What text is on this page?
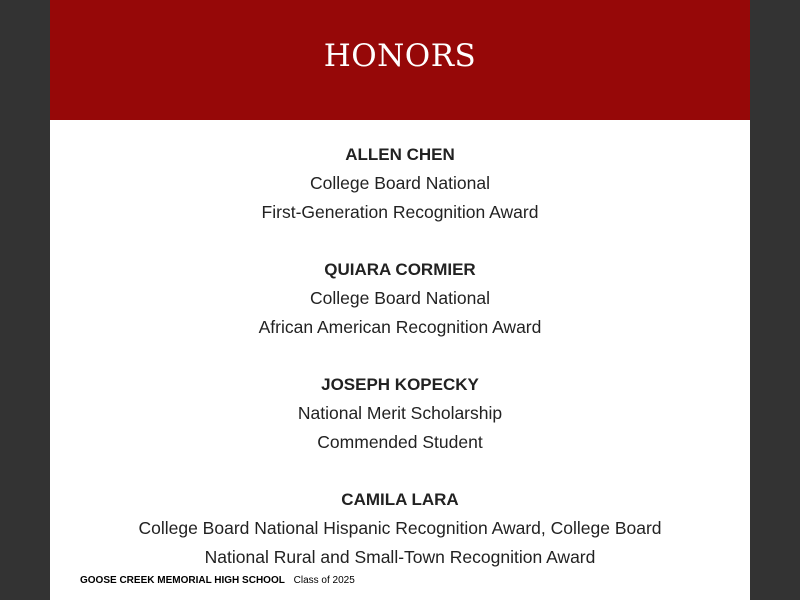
HONORS
ALLEN CHEN
College Board National
First-Generation Recognition Award
QUIARA CORMIER
College Board National
African American Recognition Award
JOSEPH KOPECKY
National Merit Scholarship
Commended Student
CAMILA LARA
College Board National Hispanic Recognition Award, College Board
National Rural and Small-Town Recognition Award
GOOSE CREEK MEMORIAL HIGH SCHOOL Class of 2025
